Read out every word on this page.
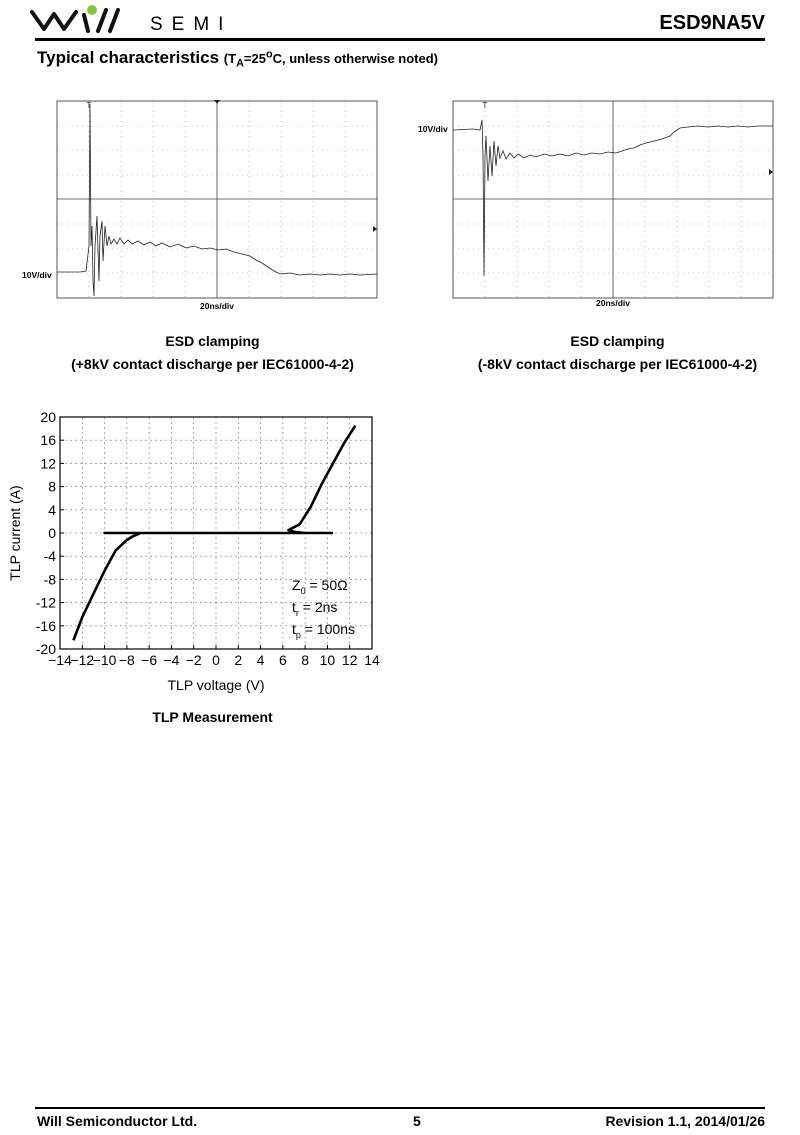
SEMI	ESD9NA5V
Typical characteristics ($T_A=25^oC$, unless otherwise noted)
T
10V/div
20ns/div
ESD clamping
(+8kV contact discharge per IEC61000-4-2)
T
10V/div
20ns/div
ESD clamping
(-8kV contact discharge per IEC61000-4-2)
−14
−12
−10 −8 −6 −4 −2 0 2 4 6 8 10 12 14
20
16
12
8
4
0
-4
-8
-12
-16
-20
TLP voltage (V)
TLP current (A)
$Z_0 = 50\Omega$
$t_r = 2ns$
$t_p = 100ns$
TLP Measurement
Will Semiconductor Ltd.	5	Revision 1.1, 2014/01/26
